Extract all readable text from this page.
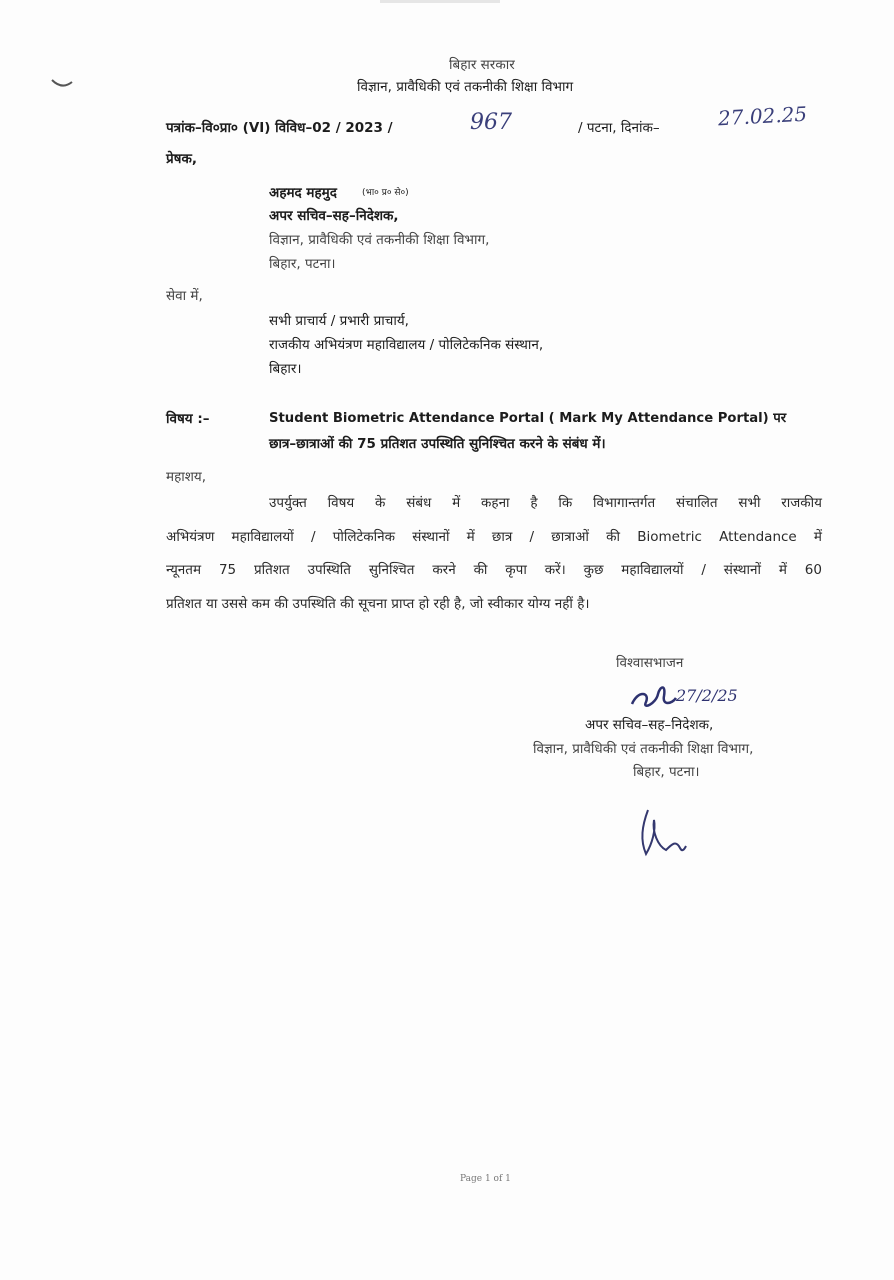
बिहार सरकार
विज्ञान, प्रावैधिकी एवं तकनीकी शिक्षा विभाग
पत्रांक–वि०प्रा० (VI) विविध–02 / 2023 /	967	/ पटना, दिनांक–	27.02.25
प्रेषक,
अहमद महमुद	(भा० प्र० से०)
अपर सचिव–सह–निदेशक,
विज्ञान, प्रावैधिकी एवं तकनीकी शिक्षा विभाग,
बिहार, पटना।
सेवा में,
सभी प्राचार्य / प्रभारी प्राचार्य,
राजकीय अभियंत्रण महाविद्यालय / पोलिटेकनिक संस्थान,
बिहार।
विषय :–	Student Biometric Attendance Portal ( Mark My Attendance Portal) पर
छात्र–छात्राओं की 75 प्रतिशत उपस्थिति सुनिश्चित करने के संबंध में।
महाशय,
उपर्युक्त विषय के संबंध में कहना है कि विभागान्तर्गत संचालित सभी राजकीय
अभियंत्रण महाविद्यालयों / पोलिटेकनिक संस्थानों में छात्र / छात्राओं की Biometric Attendance में
न्यूनतम 75 प्रतिशत उपस्थिति सुनिश्चित करने की कृपा करें। कुछ महाविद्यालयों / संस्थानों में 60
प्रतिशत या उससे कम की उपस्थिति की सूचना प्राप्त हो रही है, जो स्वीकार योग्य नहीं है।
विश्वासभाजन
27/2/25
अपर सचिव–सह–निदेशक,
विज्ञान, प्रावैधिकी एवं तकनीकी शिक्षा विभाग,
बिहार, पटना।
Page 1 of 1
